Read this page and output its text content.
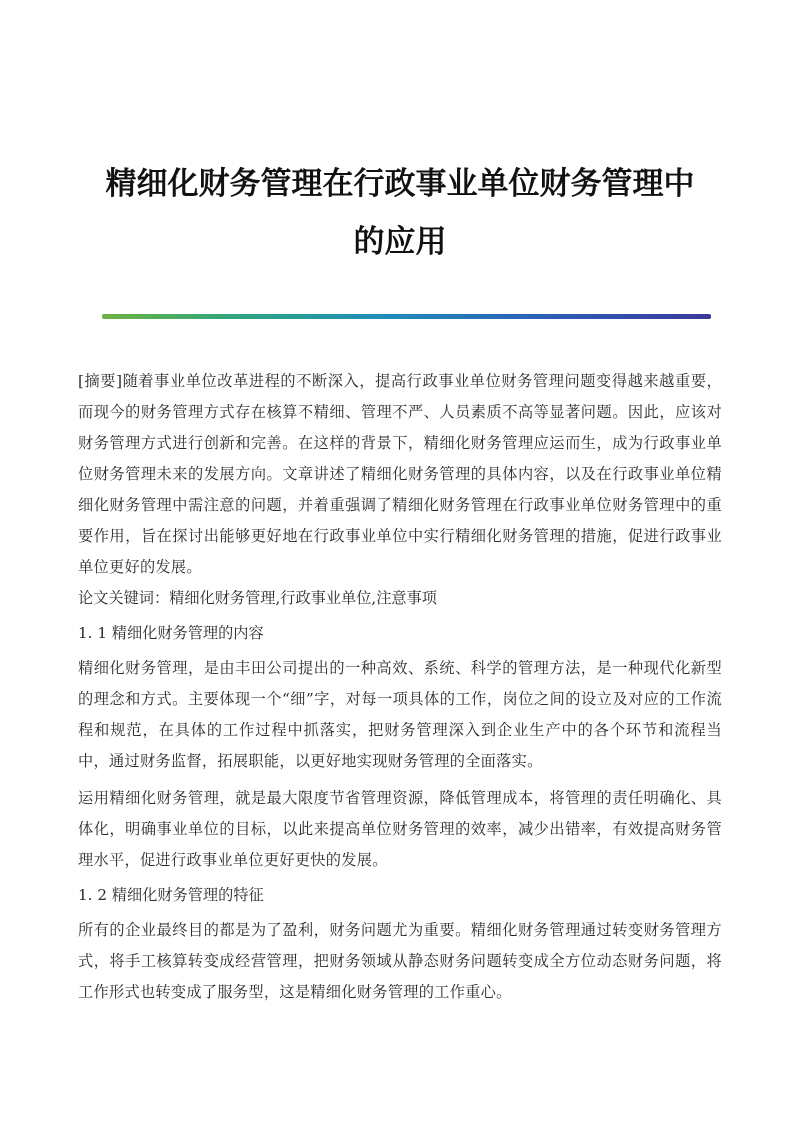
精细化财务管理在行政事业单位财务管理中
的应用

[摘要]随着事业单位改革进程的不断深入，提高行政事业单位财务管理问题变得越来越重要，而现今的财务管理方式存在核算不精细、管理不严、人员素质不高等显著问题。因此，应该对财务管理方式进行创新和完善。在这样的背景下，精细化财务管理应运而生，成为行政事业单位财务管理未来的发展方向。文章讲述了精细化财务管理的具体内容，以及在行政事业单位精细化财务管理中需注意的问题，并着重强调了精细化财务管理在行政事业单位财务管理中的重要作用，旨在探讨出能够更好地在行政事业单位中实行精细化财务管理的措施，促进行政事业单位更好的发展。

论文关键词：精细化财务管理,行政事业单位,注意事项

1. 1 精细化财务管理的内容

精细化财务管理，是由丰田公司提出的一种高效、系统、科学的管理方法，是一种现代化新型的理念和方式。主要体现一个“细”字，对每一项具体的工作，岗位之间的设立及对应的工作流程和规范，在具体的工作过程中抓落实，把财务管理深入到企业生产中的各个环节和流程当中，通过财务监督，拓展职能，以更好地实现财务管理的全面落实。

运用精细化财务管理，就是最大限度节省管理资源，降低管理成本，将管理的责任明确化、具体化，明确事业单位的目标，以此来提高单位财务管理的效率，减少出错率，有效提高财务管理水平，促进行政事业单位更好更快的发展。

1. 2 精细化财务管理的特征

所有的企业最终目的都是为了盈利，财务问题尤为重要。精细化财务管理通过转变财务管理方式，将手工核算转变成经营管理，把财务领域从静态财务问题转变成全方位动态财务问题，将工作形式也转变成了服务型，这是精细化财务管理的工作重心。
